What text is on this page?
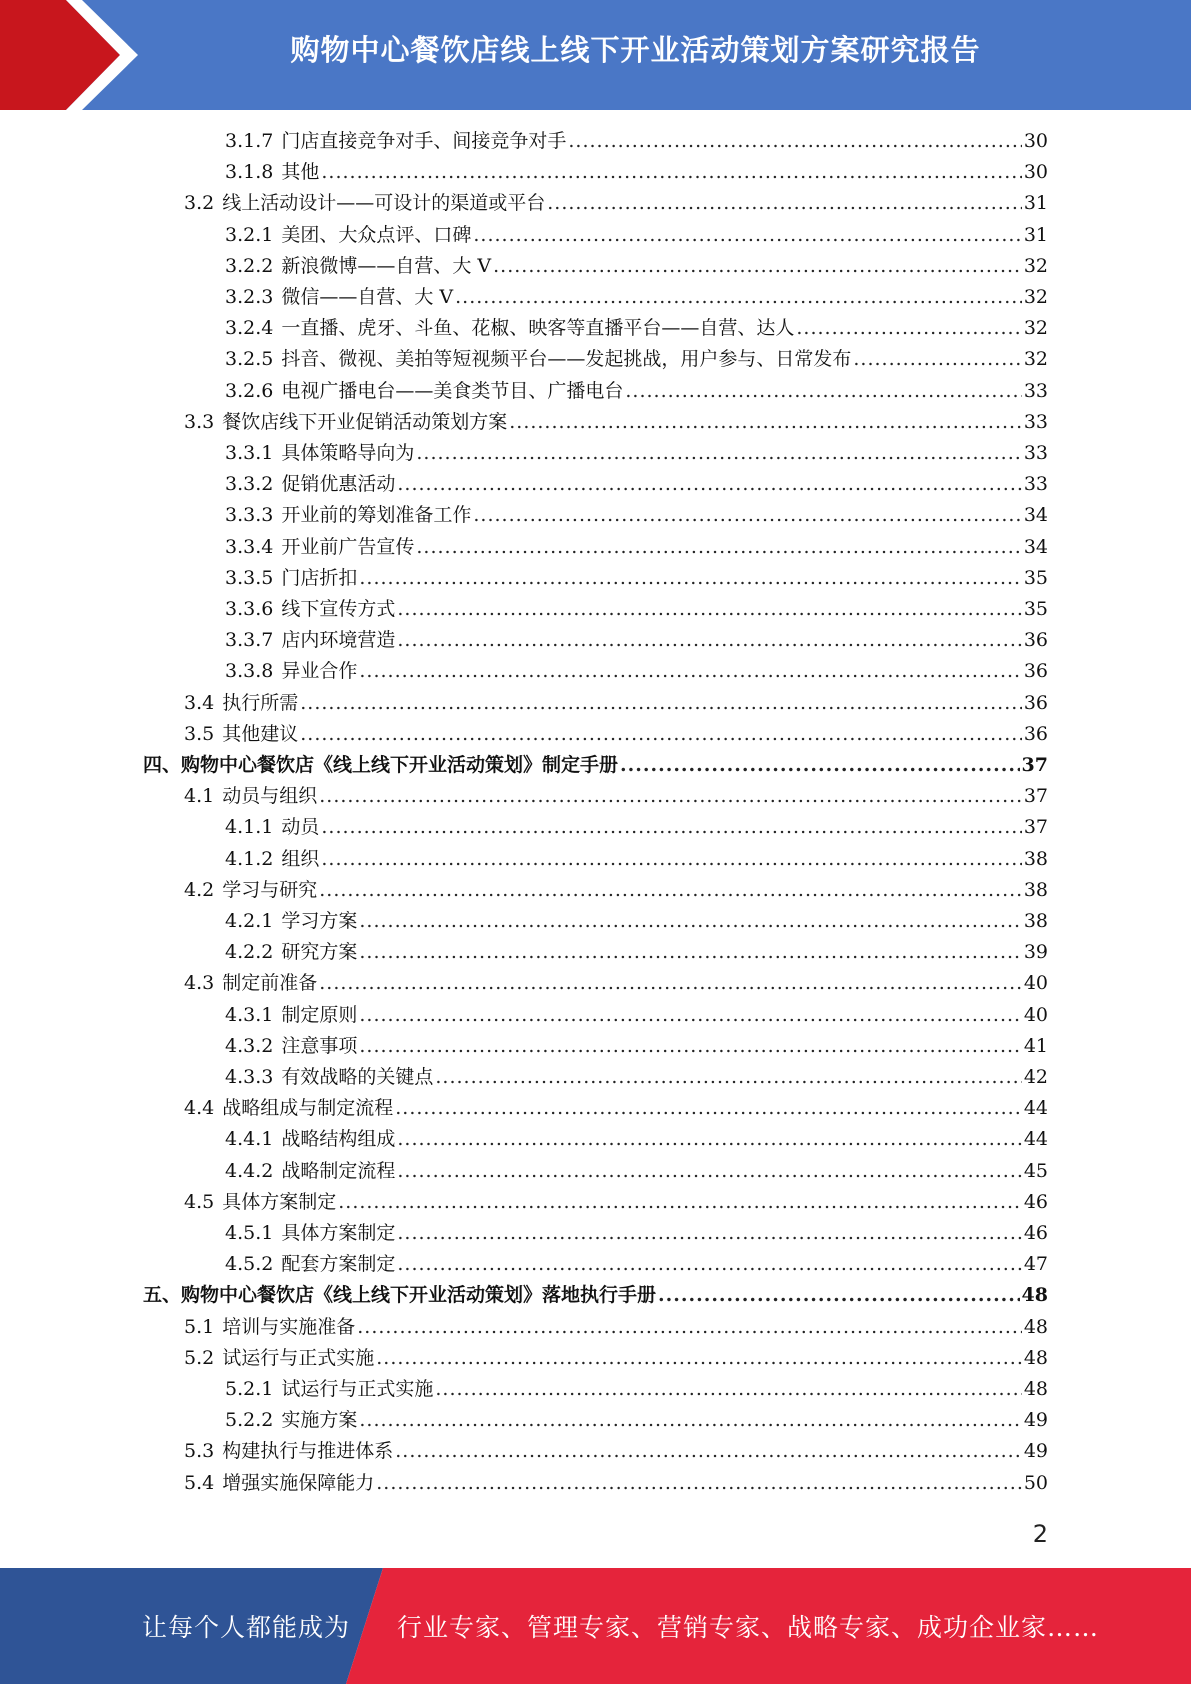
购物中心餐饮店线上线下开业活动策划方案研究报告
3.1.7 门店直接竞争对手、间接竞争对手 .....	30
3.1.8 其他 .....	30
3.2 线上活动设计——可设计的渠道或平台 .....	31
3.2.1 美团、大众点评、口碑 .....	31
3.2.2 新浪微博——自营、大 V .....	32
3.2.3 微信——自营、大 V .....	32
3.2.4 一直播、虎牙、斗鱼、花椒、映客等直播平台——自营、达人 .....	32
3.2.5 抖音、微视、美拍等短视频平台——发起挑战，用户参与、日常发布 .....	32
3.2.6 电视广播电台——美食类节目、广播电台 .....	33
3.3 餐饮店线下开业促销活动策划方案 .....	33
3.3.1 具体策略导向为 .....	33
3.3.2 促销优惠活动 .....	33
3.3.3 开业前的筹划准备工作 .....	34
3.3.4 开业前广告宣传 .....	34
3.3.5 门店折扣 .....	35
3.3.6 线下宣传方式 .....	35
3.3.7 店内环境营造 .....	36
3.3.8 异业合作 .....	36
3.4 执行所需 .....	36
3.5 其他建议 .....	36
四、购物中心餐饮店《线上线下开业活动策划》制定手册 .....	37
4.1 动员与组织 .....	37
4.1.1 动员 .....	37
4.1.2 组织 .....	38
4.2 学习与研究 .....	38
4.2.1 学习方案 .....	38
4.2.2 研究方案 .....	39
4.3 制定前准备 .....	40
4.3.1 制定原则 .....	40
4.3.2 注意事项 .....	41
4.3.3 有效战略的关键点 .....	42
4.4 战略组成与制定流程 .....	44
4.4.1 战略结构组成 .....	44
4.4.2 战略制定流程 .....	45
4.5 具体方案制定 .....	46
4.5.1 具体方案制定 .....	46
4.5.2 配套方案制定 .....	47
五、购物中心餐饮店《线上线下开业活动策划》落地执行手册 .....	48
5.1 培训与实施准备 .....	48
5.2 试运行与正式实施 .....	48
5.2.1 试运行与正式实施 .....	48
5.2.2 实施方案 .....	49
5.3 构建执行与推进体系 .....	49
5.4 增强实施保障能力 .....	50
2
让每个人都能成为 行业专家、管理专家、营销专家、战略专家、成功企业家……
